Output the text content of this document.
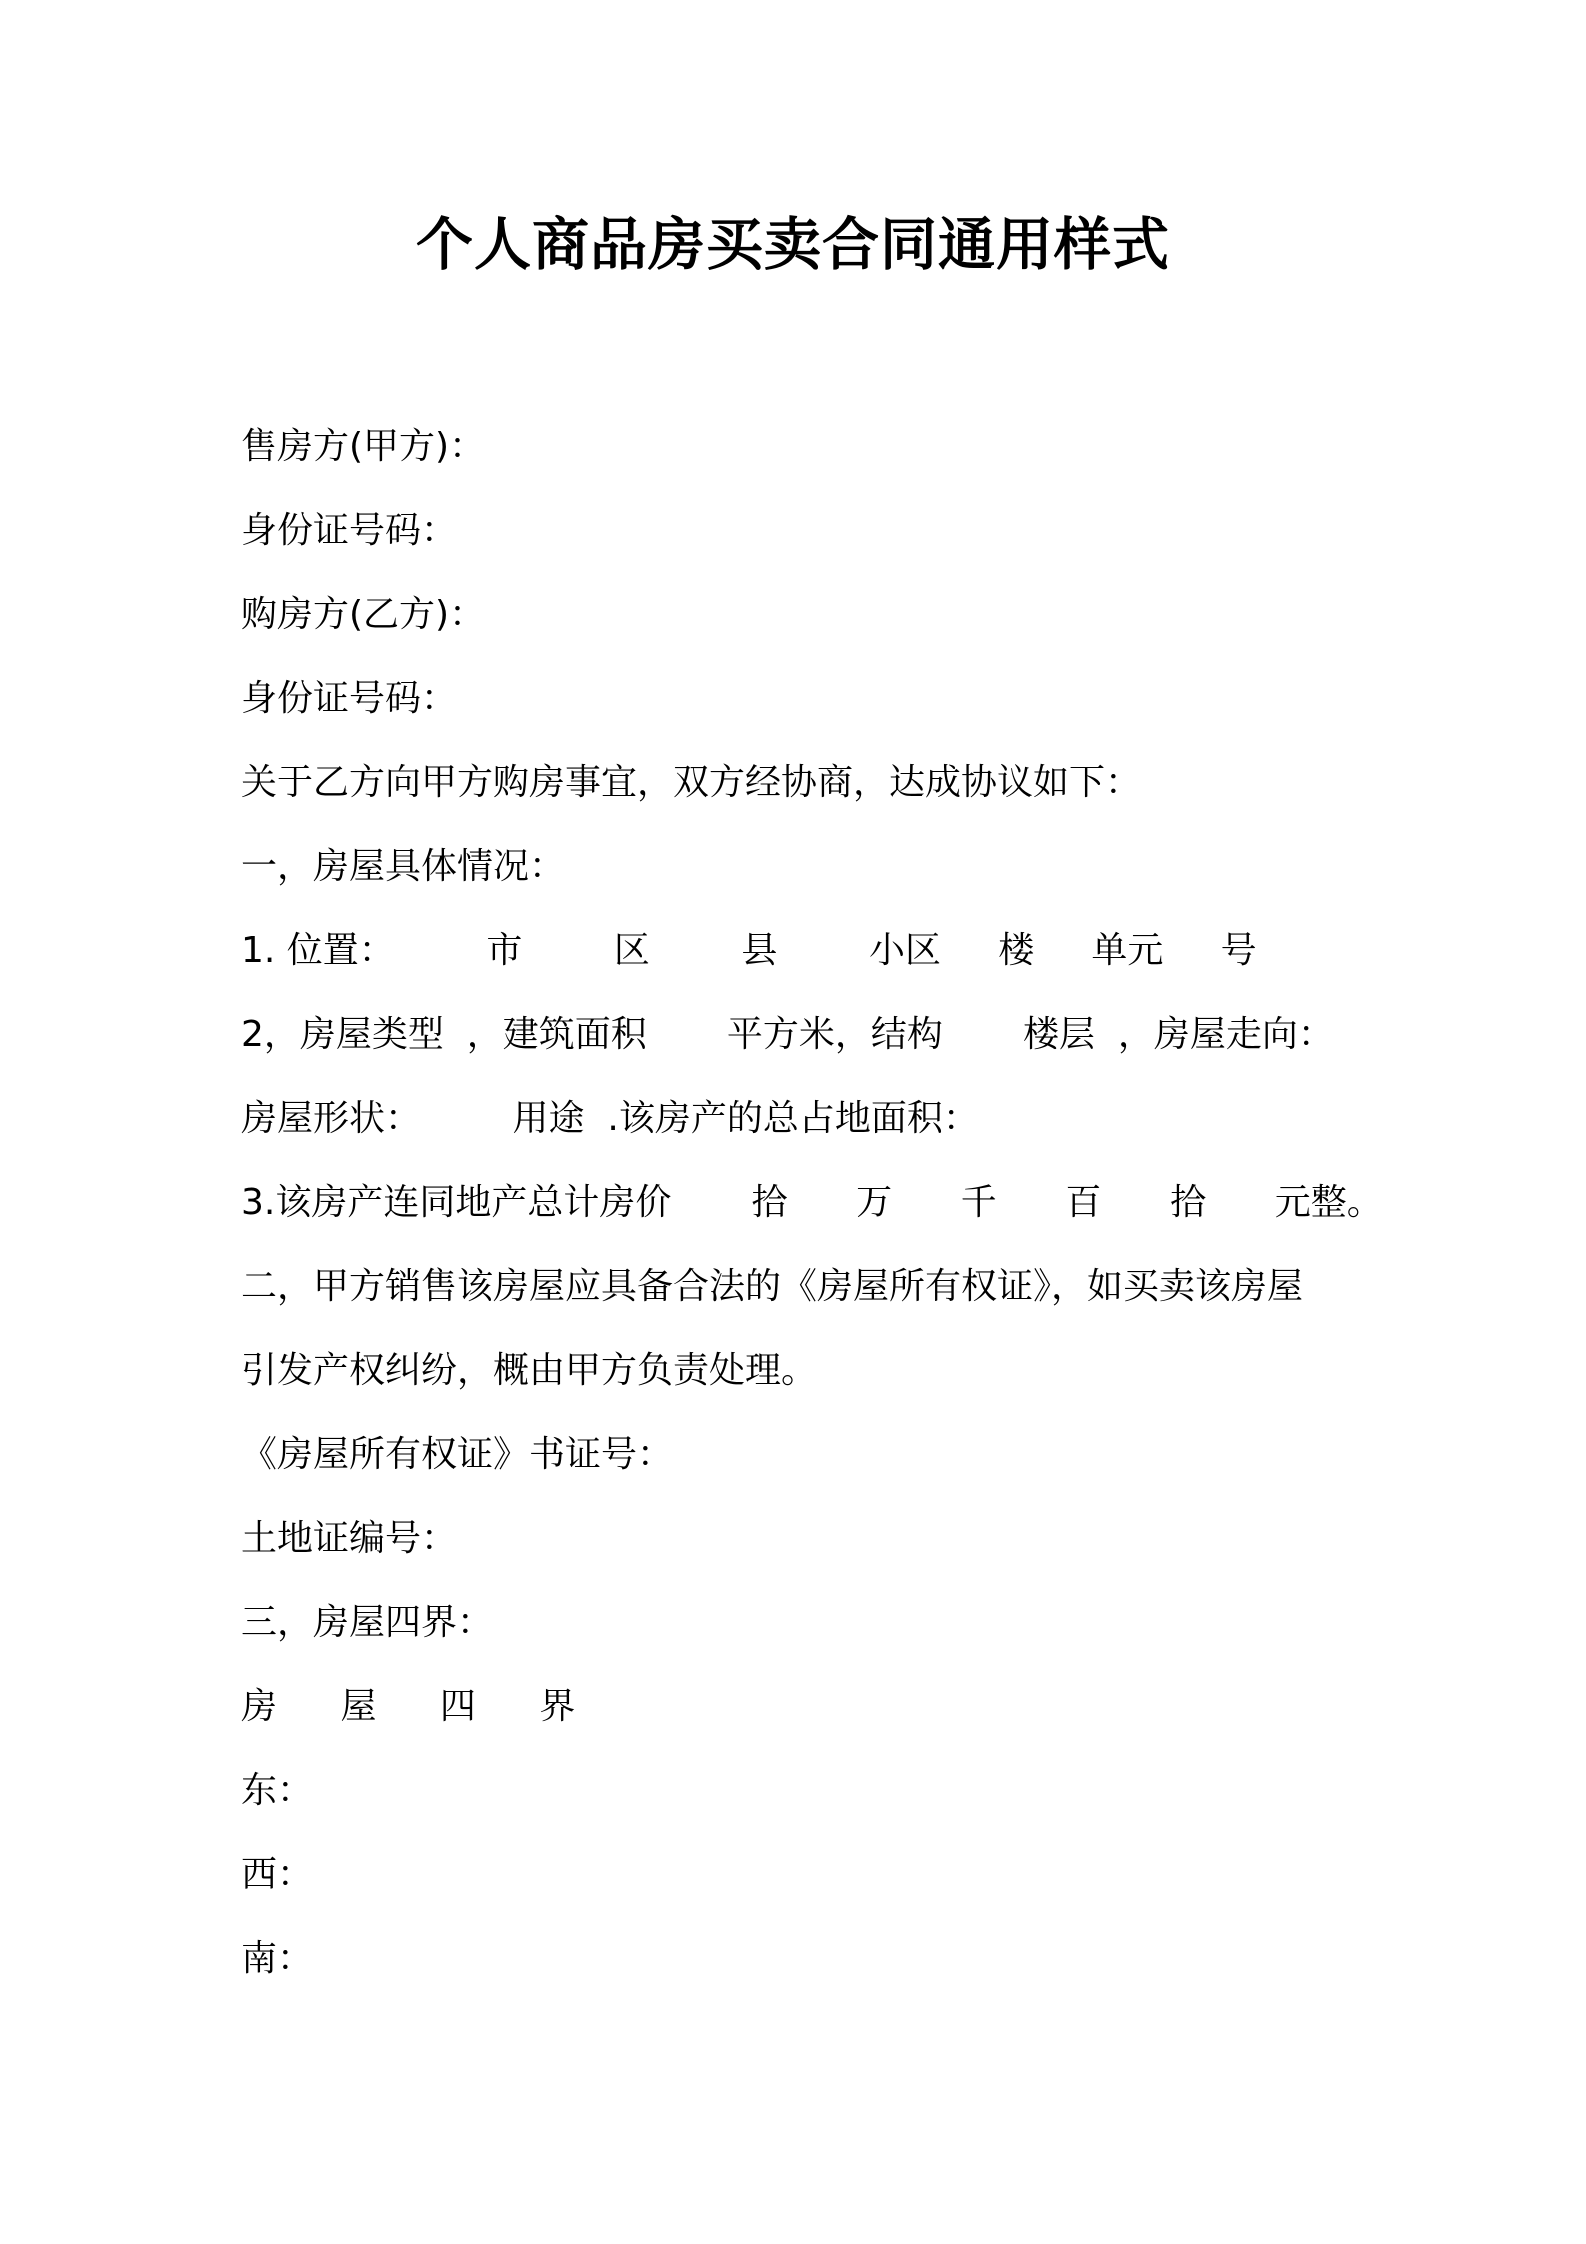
个人商品房买卖合同通用样式

售房方(甲方)：

身份证号码：

购房方(乙方)：

身份证号码：

关于乙方向甲方购房事宜，双方经协商，达成协议如下：

一，房屋具体情况：

1. 位置：        市        区        县        小区     楼     单元     号

2，房屋类型  ，建筑面积       平方米，结构       楼层  ，房屋走向：

房屋形状：        用途  .该房产的总占地面积：

3.该房产连同地产总计房价       拾      万      千      百      拾      元整。

二，甲方销售该房屋应具备合法的《房屋所有权证》，如买卖该房屋

引发产权纠纷，概由甲方负责处理。

《房屋所有权证》书证号：

土地证编号：

三，房屋四界：

房 屋 四 界

东：

西：

南：
